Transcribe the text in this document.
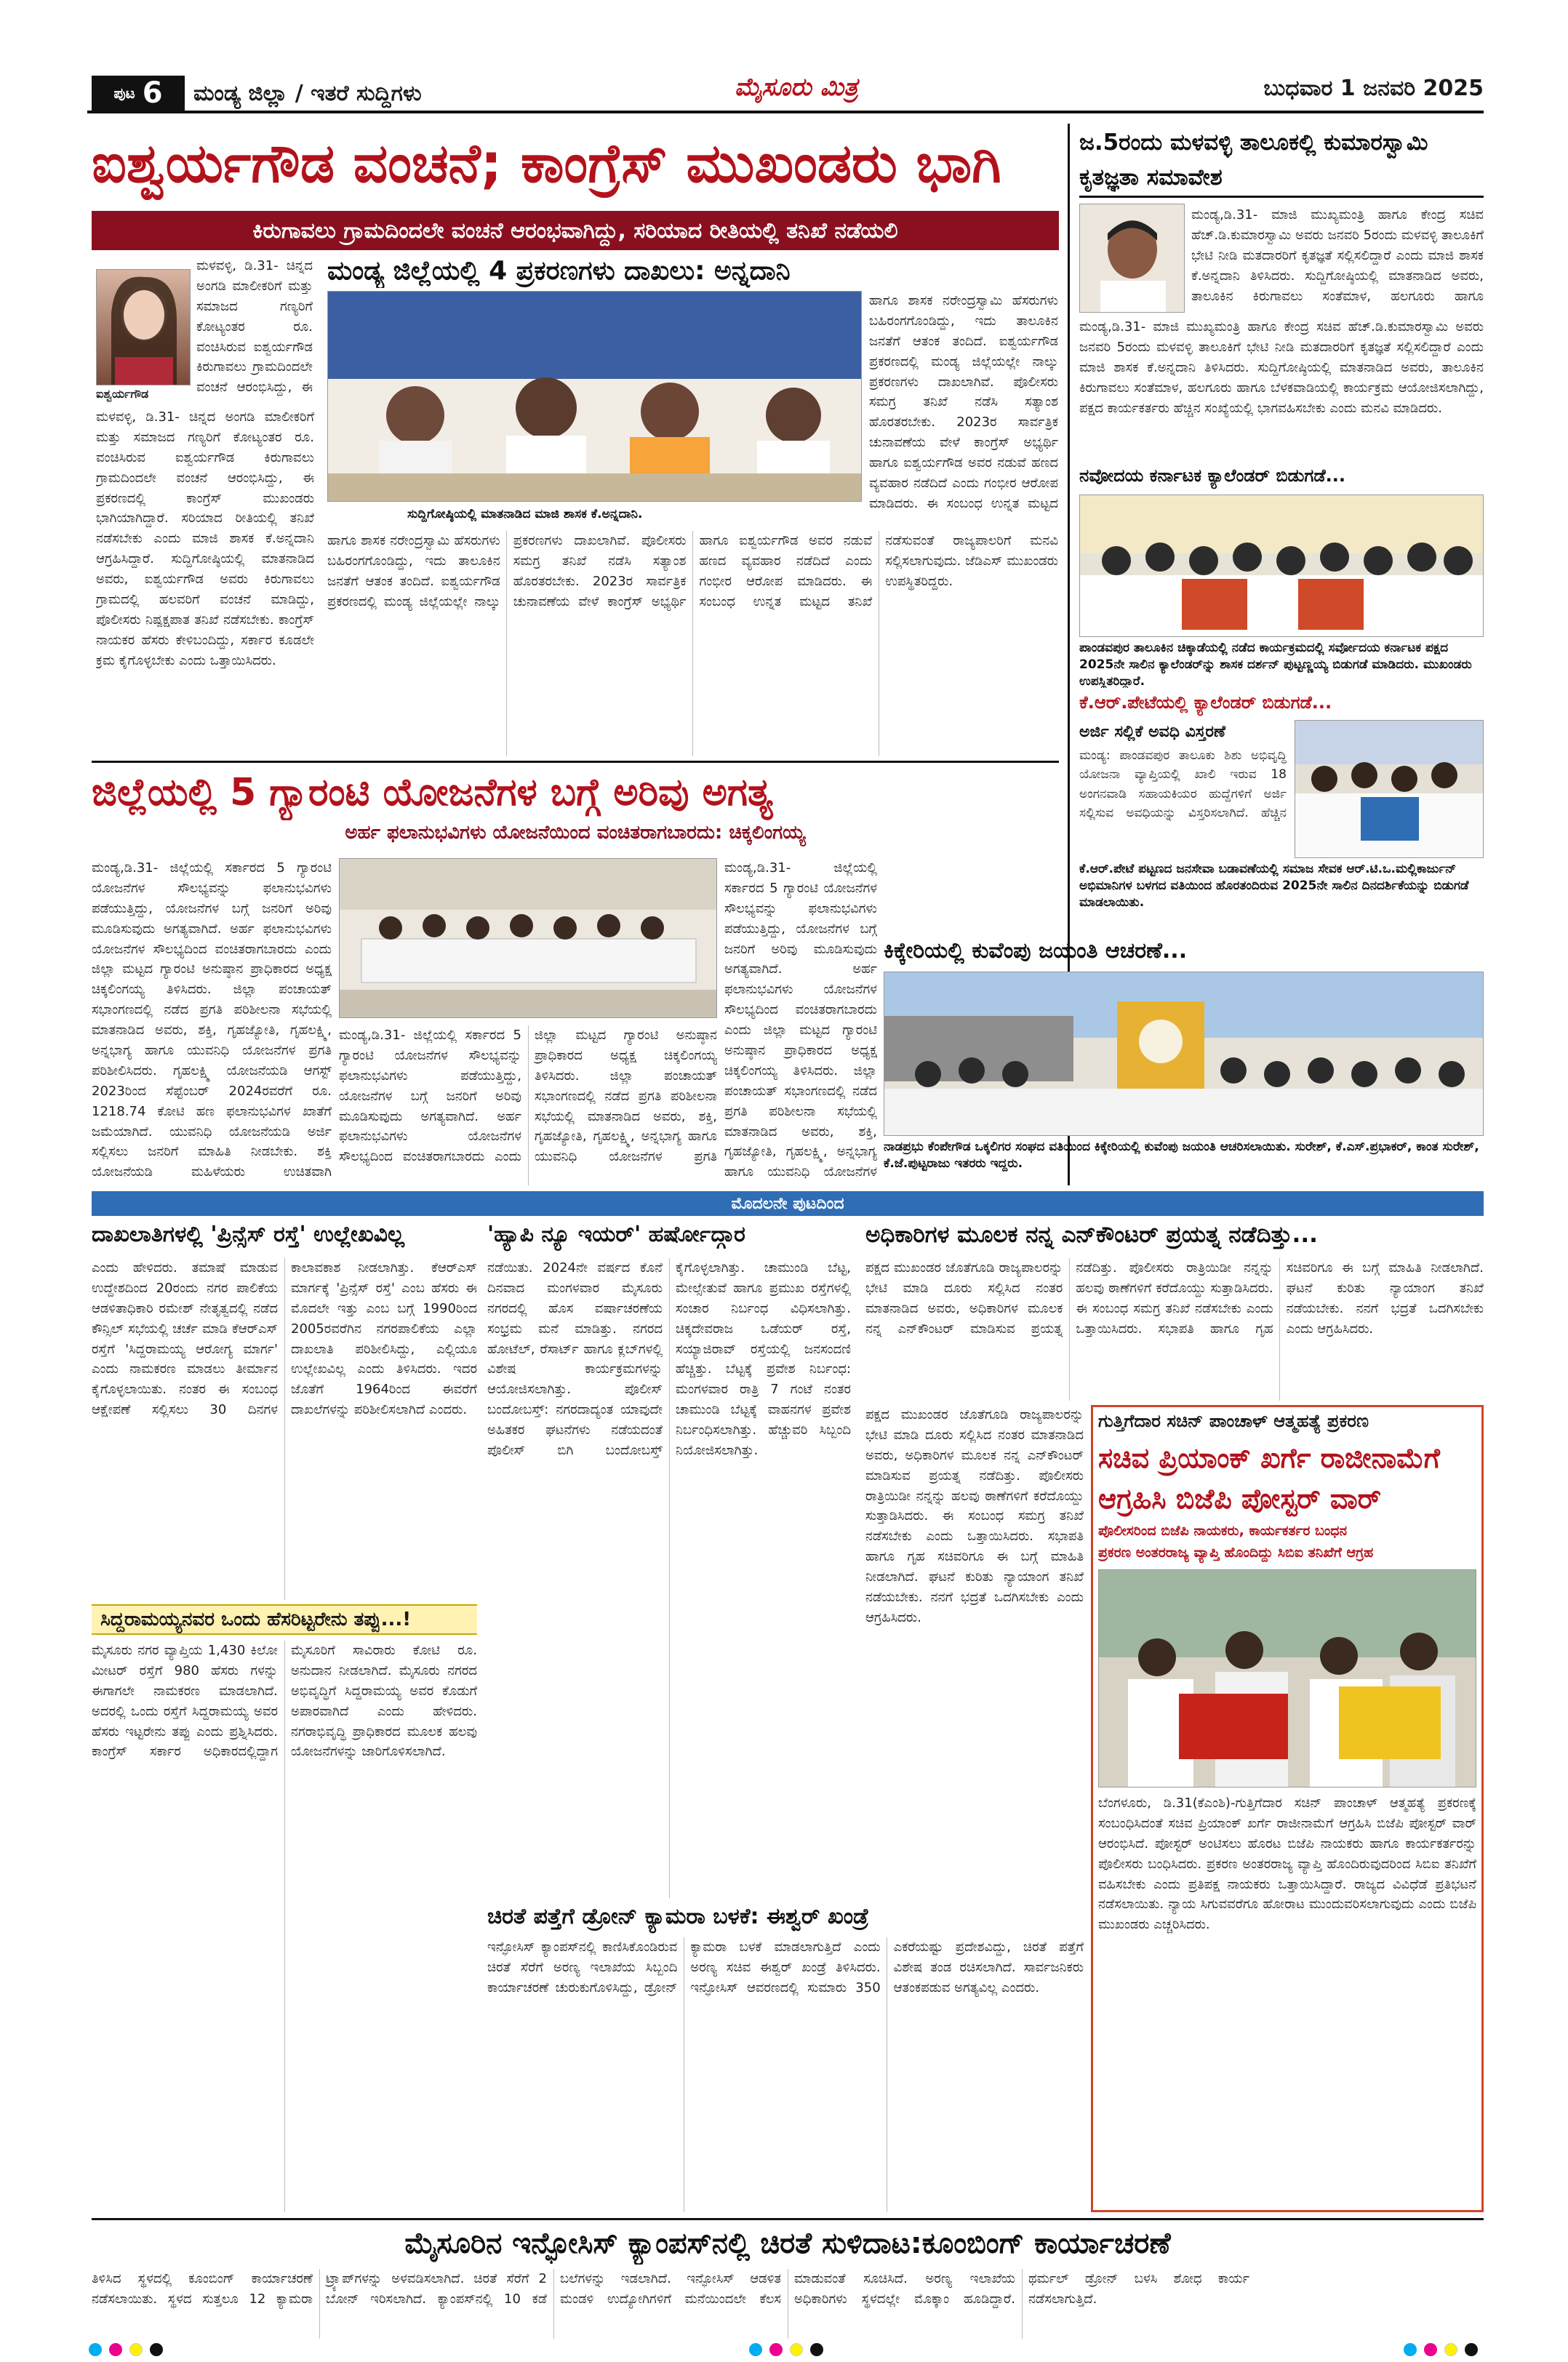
ಪುಟ 6 ಮಂಡ್ಯ ಜಿಲ್ಲಾ / ಇತರೆ ಸುದ್ದಿಗಳು	ಮೈಸೂರು ಮಿತ್ರ	ಬುಧವಾರ 1 ಜನವರಿ 2025
ಐಶ್ವರ್ಯಗೌಡ ವಂಚನೆ; ಕಾಂಗ್ರೆಸ್ ಮುಖಂಡರು ಭಾಗಿ
ಕಿರುಗಾವಲು ಗ್ರಾಮದಿಂದಲೇ ವಂಚನೆ ಆರಂಭವಾಗಿದ್ದು, ಸರಿಯಾದ ರೀತಿಯಲ್ಲಿ ತನಿಖೆ ನಡೆಯಲಿ
ಐಶ್ವರ್ಯಗೌಡ
ಮಳವಳ್ಳಿ, ಡಿ.31- ಚಿನ್ನದ ಅಂಗಡಿ ಮಾಲೀಕರಿಗೆ ಮತ್ತು ಸಮಾಜದ ಗಣ್ಯರಿಗೆ ಕೋಟ್ಯಂತರ ರೂ. ವಂಚಿಸಿರುವ ಐಶ್ವರ್ಯಗೌಡ ಕಿರುಗಾವಲು ಗ್ರಾಮದಿಂದಲೇ ವಂಚನೆ ಆರಂಭಿಸಿದ್ದು, ಈ
ಮಳವಳ್ಳಿ, ಡಿ.31- ಚಿನ್ನದ ಅಂಗಡಿ ಮಾಲೀಕರಿಗೆ ಮತ್ತು ಸಮಾಜದ ಗಣ್ಯರಿಗೆ ಕೋಟ್ಯಂತರ ರೂ. ವಂಚಿಸಿರುವ ಐಶ್ವರ್ಯಗೌಡ ಕಿರುಗಾವಲು ಗ್ರಾಮದಿಂದಲೇ ವಂಚನೆ ಆರಂಭಿಸಿದ್ದು, ಈ ಪ್ರಕರಣದಲ್ಲಿ ಕಾಂಗ್ರೆಸ್ ಮುಖಂಡರು ಭಾಗಿಯಾಗಿದ್ದಾರೆ. ಸರಿಯಾದ ರೀತಿಯಲ್ಲಿ ತನಿಖೆ ನಡೆಸಬೇಕು ಎಂದು ಮಾಜಿ ಶಾಸಕ ಕೆ.ಅನ್ನದಾನಿ ಆಗ್ರಹಿಸಿದ್ದಾರೆ. ಸುದ್ದಿಗೋಷ್ಠಿಯಲ್ಲಿ ಮಾತನಾಡಿದ ಅವರು, ಐಶ್ವರ್ಯಗೌಡ ಅವರು ಕಿರುಗಾವಲು ಗ್ರಾಮದಲ್ಲಿ ಹಲವರಿಗೆ ವಂಚನೆ ಮಾಡಿದ್ದು, ಪೊಲೀಸರು ನಿಷ್ಪಕ್ಷಪಾತ ತನಿಖೆ ನಡೆಸಬೇಕು. ಕಾಂಗ್ರೆಸ್ ನಾಯಕರ ಹೆಸರು ಕೇಳಿಬಂದಿದ್ದು, ಸರ್ಕಾರ ಕೂಡಲೇ ಕ್ರಮ ಕೈಗೊಳ್ಳಬೇಕು ಎಂದು ಒತ್ತಾಯಿಸಿದರು.
ಮಂಡ್ಯ ಜಿಲ್ಲೆಯಲ್ಲಿ 4 ಪ್ರಕರಣಗಳು ದಾಖಲು: ಅನ್ನದಾನಿ
ಸುದ್ದಿಗೋಷ್ಠಿಯಲ್ಲಿ ಮಾತನಾಡಿದ ಮಾಜಿ ಶಾಸಕ ಕೆ.ಅನ್ನದಾನಿ.
ಹಾಗೂ ಶಾಸಕ ನರೇಂದ್ರಸ್ವಾಮಿ ಹೆಸರುಗಳು ಬಹಿರಂಗಗೊಂಡಿದ್ದು, ಇದು ತಾಲೂಕಿನ ಜನತೆಗೆ ಆತಂಕ ತಂದಿದೆ. ಐಶ್ವರ್ಯಗೌಡ ಪ್ರಕರಣದಲ್ಲಿ ಮಂಡ್ಯ ಜಿಲ್ಲೆಯಲ್ಲೇ ನಾಲ್ಕು ಪ್ರಕರಣಗಳು ದಾಖಲಾಗಿವೆ. ಪೊಲೀಸರು ಸಮಗ್ರ ತನಿಖೆ ನಡೆಸಿ ಸತ್ಯಾಂಶ ಹೊರತರಬೇಕು. 2023ರ ಸಾರ್ವತ್ರಿಕ ಚುನಾವಣೆಯ ವೇಳೆ ಕಾಂಗ್ರೆಸ್ ಅಭ್ಯರ್ಥಿ ಹಾಗೂ ಐಶ್ವರ್ಯಗೌಡ ಅವರ ನಡುವೆ ಹಣದ ವ್ಯವಹಾರ ನಡೆದಿದೆ ಎಂದು ಗಂಭೀರ ಆರೋಪ ಮಾಡಿದರು. ಈ ಸಂಬಂಧ ಉನ್ನತ ಮಟ್ಟದ
ಹಾಗೂ ಶಾಸಕ ನರೇಂದ್ರಸ್ವಾಮಿ ಹೆಸರುಗಳು ಬಹಿರಂಗಗೊಂಡಿದ್ದು, ಇದು ತಾಲೂಕಿನ ಜನತೆಗೆ ಆತಂಕ ತಂದಿದೆ. ಐಶ್ವರ್ಯಗೌಡ ಪ್ರಕರಣದಲ್ಲಿ ಮಂಡ್ಯ ಜಿಲ್ಲೆಯಲ್ಲೇ ನಾಲ್ಕು ಪ್ರಕರಣಗಳು ದಾಖಲಾಗಿವೆ. ಪೊಲೀಸರು ಸಮಗ್ರ ತನಿಖೆ ನಡೆಸಿ ಸತ್ಯಾಂಶ ಹೊರತರಬೇಕು. 2023ರ ಸಾರ್ವತ್ರಿಕ ಚುನಾವಣೆಯ ವೇಳೆ ಕಾಂಗ್ರೆಸ್ ಅಭ್ಯರ್ಥಿ ಹಾಗೂ ಐಶ್ವರ್ಯಗೌಡ ಅವರ ನಡುವೆ ಹಣದ ವ್ಯವಹಾರ ನಡೆದಿದೆ ಎಂದು ಗಂಭೀರ ಆರೋಪ ಮಾಡಿದರು. ಈ ಸಂಬಂಧ ಉನ್ನತ ಮಟ್ಟದ ತನಿಖೆ ನಡೆಸುವಂತೆ ರಾಜ್ಯಪಾಲರಿಗೆ ಮನವಿ ಸಲ್ಲಿಸಲಾಗುವುದು. ಜೆಡಿಎಸ್ ಮುಖಂಡರು ಉಪಸ್ಥಿತರಿದ್ದರು.
ಜ.5ರಂದು ಮಳವಳ್ಳಿ ತಾಲೂಕಲ್ಲಿ ಕುಮಾರಸ್ವಾಮಿ ಕೃತಜ್ಞತಾ ಸಮಾವೇಶ
ಮಂಡ್ಯ,ಡಿ.31- ಮಾಜಿ ಮುಖ್ಯಮಂತ್ರಿ ಹಾಗೂ ಕೇಂದ್ರ ಸಚಿವ ಹೆಚ್.ಡಿ.ಕುಮಾರಸ್ವಾಮಿ ಅವರು ಜನವರಿ 5ರಂದು ಮಳವಳ್ಳಿ ತಾಲೂಕಿಗೆ ಭೇಟಿ ನೀಡಿ ಮತದಾರರಿಗೆ ಕೃತಜ್ಞತೆ ಸಲ್ಲಿಸಲಿದ್ದಾರೆ ಎಂದು ಮಾಜಿ ಶಾಸಕ ಕೆ.ಅನ್ನದಾನಿ ತಿಳಿಸಿದರು. ಸುದ್ದಿಗೋಷ್ಠಿಯಲ್ಲಿ ಮಾತನಾಡಿದ ಅವರು, ತಾಲೂಕಿನ ಕಿರುಗಾವಲು ಸಂತೆಮಾಳ, ಹಲಗೂರು ಹಾಗೂ
ಮಂಡ್ಯ,ಡಿ.31- ಮಾಜಿ ಮುಖ್ಯಮಂತ್ರಿ ಹಾಗೂ ಕೇಂದ್ರ ಸಚಿವ ಹೆಚ್.ಡಿ.ಕುಮಾರಸ್ವಾಮಿ ಅವರು ಜನವರಿ 5ರಂದು ಮಳವಳ್ಳಿ ತಾಲೂಕಿಗೆ ಭೇಟಿ ನೀಡಿ ಮತದಾರರಿಗೆ ಕೃತಜ್ಞತೆ ಸಲ್ಲಿಸಲಿದ್ದಾರೆ ಎಂದು ಮಾಜಿ ಶಾಸಕ ಕೆ.ಅನ್ನದಾನಿ ತಿಳಿಸಿದರು. ಸುದ್ದಿಗೋಷ್ಠಿಯಲ್ಲಿ ಮಾತನಾಡಿದ ಅವರು, ತಾಲೂಕಿನ ಕಿರುಗಾವಲು ಸಂತೆಮಾಳ, ಹಲಗೂರು ಹಾಗೂ ಬೆಳಕವಾಡಿಯಲ್ಲಿ ಕಾರ್ಯಕ್ರಮ ಆಯೋಜಿಸಲಾಗಿದ್ದು, ಪಕ್ಷದ ಕಾರ್ಯಕರ್ತರು ಹೆಚ್ಚಿನ ಸಂಖ್ಯೆಯಲ್ಲಿ ಭಾಗವಹಿಸಬೇಕು ಎಂದು ಮನವಿ ಮಾಡಿದರು.
ನವೋದಯ ಕರ್ನಾಟಕ ಕ್ಯಾಲೆಂಡರ್ ಬಿಡುಗಡೆ...
ಪಾಂಡವಪುರ ತಾಲೂಕಿನ ಚಿಕ್ಕಾಡೆಯಲ್ಲಿ ನಡೆದ ಕಾರ್ಯಕ್ರಮದಲ್ಲಿ ಸರ್ವೋದಯ ಕರ್ನಾಟಕ ಪಕ್ಷದ 2025ನೇ ಸಾಲಿನ ಕ್ಯಾಲೆಂಡರ್‌ನ್ನು ಶಾಸಕ ದರ್ಶನ್ ಪುಟ್ಟಣ್ಣಯ್ಯ ಬಿಡುಗಡೆ ಮಾಡಿದರು. ಮುಖಂಡರು ಉಪಸ್ಥಿತರಿದ್ದಾರೆ.
ಕೆ.ಆರ್.ಪೇಟೆಯಲ್ಲಿ ಕ್ಯಾಲೆಂಡರ್ ಬಿಡುಗಡೆ...
ಅರ್ಜಿ ಸಲ್ಲಿಕೆ ಅವಧಿ ವಿಸ್ತರಣೆ
ಮಂಡ್ಯ: ಪಾಂಡವಪುರ ತಾಲೂಕು ಶಿಶು ಅಭಿವೃದ್ಧಿ ಯೋಜನಾ ವ್ಯಾಪ್ತಿಯಲ್ಲಿ ಖಾಲಿ ಇರುವ 18 ಅಂಗನವಾಡಿ ಸಹಾಯಕಿಯರ ಹುದ್ದೆಗಳಿಗೆ ಅರ್ಜಿ ಸಲ್ಲಿಸುವ ಅವಧಿಯನ್ನು ವಿಸ್ತರಿಸಲಾಗಿದೆ. ಹೆಚ್ಚಿನ
ಕೆ.ಆರ್.ಪೇಟೆ ಪಟ್ಟಣದ ಜನಸೇವಾ ಬಡಾವಣೆಯಲ್ಲಿ ಸಮಾಜ ಸೇವಕ ಆರ್.ಟಿ.ಒ.ಮಲ್ಲಿಕಾರ್ಜುನ್ ಅಭಿಮಾನಿಗಳ ಬಳಗದ ವತಿಯಿಂದ ಹೊರತಂದಿರುವ 2025ನೇ ಸಾಲಿನ ದಿನದರ್ಶಿಕೆಯನ್ನು ಬಿಡುಗಡೆ ಮಾಡಲಾಯಿತು.
ಕಿಕ್ಕೇರಿಯಲ್ಲಿ ಕುವೆಂಪು ಜಯಂತಿ ಆಚರಣೆ...
ನಾಡಪ್ರಭು ಕೆಂಪೇಗೌಡ ಒಕ್ಕಲಿಗರ ಸಂಘದ ವತಿಯಿಂದ ಕಿಕ್ಕೇರಿಯಲ್ಲಿ ಕುವೆಂಪು ಜಯಂತಿ ಆಚರಿಸಲಾಯಿತು. ಸುರೇಶ್, ಕೆ.ಎಸ್.ಪ್ರಭಾಕರ್, ಕಾಂತ ಸುರೇಶ್, ಕೆ.ಜೆ.ಪುಟ್ಟರಾಜು ಇತರರು ಇದ್ದರು.
ಜಿಲ್ಲೆಯಲ್ಲಿ 5 ಗ್ಯಾರಂಟಿ ಯೋಜನೆಗಳ ಬಗ್ಗೆ ಅರಿವು ಅಗತ್ಯ
ಅರ್ಹ ಫಲಾನುಭವಿಗಳು ಯೋಜನೆಯಿಂದ ವಂಚಿತರಾಗಬಾರದು: ಚಿಕ್ಕಲಿಂಗಯ್ಯ
ಮಂಡ್ಯ,ಡಿ.31- ಜಿಲ್ಲೆಯಲ್ಲಿ ಸರ್ಕಾರದ 5 ಗ್ಯಾರಂಟಿ ಯೋಜನೆಗಳ ಸೌಲಭ್ಯವನ್ನು ಫಲಾನುಭವಿಗಳು ಪಡೆಯುತ್ತಿದ್ದು, ಯೋಜನೆಗಳ ಬಗ್ಗೆ ಜನರಿಗೆ ಅರಿವು ಮೂಡಿಸುವುದು ಅಗತ್ಯವಾಗಿದೆ. ಅರ್ಹ ಫಲಾನುಭವಿಗಳು ಯೋಜನೆಗಳ ಸೌಲಭ್ಯದಿಂದ ವಂಚಿತರಾಗಬಾರದು ಎಂದು ಜಿಲ್ಲಾ ಮಟ್ಟದ ಗ್ಯಾರಂಟಿ ಅನುಷ್ಠಾನ ಪ್ರಾಧಿಕಾರದ ಅಧ್ಯಕ್ಷ ಚಿಕ್ಕಲಿಂಗಯ್ಯ ತಿಳಿಸಿದರು. ಜಿಲ್ಲಾ ಪಂಚಾಯತ್ ಸಭಾಂಗಣದಲ್ಲಿ ನಡೆದ ಪ್ರಗತಿ ಪರಿಶೀಲನಾ ಸಭೆಯಲ್ಲಿ ಮಾತನಾಡಿದ ಅವರು, ಶಕ್ತಿ, ಗೃಹಜ್ಯೋತಿ, ಗೃಹಲಕ್ಷ್ಮಿ, ಅನ್ನಭಾಗ್ಯ ಹಾಗೂ ಯುವನಿಧಿ ಯೋಜನೆಗಳ ಪ್ರಗತಿ ಪರಿಶೀಲಿಸಿದರು. ಗೃಹಲಕ್ಷ್ಮಿ ಯೋಜನೆಯಡಿ ಆಗಸ್ಟ್ 2023ರಿಂದ ಸೆಪ್ಟೆಂಬರ್ 2024ರವರೆಗೆ ರೂ. 1218.74 ಕೋಟಿ ಹಣ ಫಲಾನುಭವಿಗಳ ಖಾತೆಗೆ ಜಮೆಯಾಗಿದೆ. ಯುವನಿಧಿ ಯೋಜನೆಯಡಿ ಅರ್ಜಿ ಸಲ್ಲಿಸಲು ಜನರಿಗೆ ಮಾಹಿತಿ ನೀಡಬೇಕು. ಶಕ್ತಿ ಯೋಜನೆಯಡಿ ಮಹಿಳೆಯರು ಉಚಿತವಾಗಿ
ಮಂಡ್ಯ,ಡಿ.31- ಜಿಲ್ಲೆಯಲ್ಲಿ ಸರ್ಕಾರದ 5 ಗ್ಯಾರಂಟಿ ಯೋಜನೆಗಳ ಸೌಲಭ್ಯವನ್ನು ಫಲಾನುಭವಿಗಳು ಪಡೆಯುತ್ತಿದ್ದು, ಯೋಜನೆಗಳ ಬಗ್ಗೆ ಜನರಿಗೆ ಅರಿವು ಮೂಡಿಸುವುದು ಅಗತ್ಯವಾಗಿದೆ. ಅರ್ಹ ಫಲಾನುಭವಿಗಳು ಯೋಜನೆಗಳ ಸೌಲಭ್ಯದಿಂದ ವಂಚಿತರಾಗಬಾರದು ಎಂದು ಜಿಲ್ಲಾ ಮಟ್ಟದ ಗ್ಯಾರಂಟಿ ಅನುಷ್ಠಾನ ಪ್ರಾಧಿಕಾರದ ಅಧ್ಯಕ್ಷ ಚಿಕ್ಕಲಿಂಗಯ್ಯ ತಿಳಿಸಿದರು. ಜಿಲ್ಲಾ ಪಂಚಾಯತ್ ಸಭಾಂಗಣದಲ್ಲಿ ನಡೆದ ಪ್ರಗತಿ ಪರಿಶೀಲನಾ ಸಭೆಯಲ್ಲಿ ಮಾತನಾಡಿದ ಅವರು, ಶಕ್ತಿ, ಗೃಹಜ್ಯೋತಿ, ಗೃಹಲಕ್ಷ್ಮಿ, ಅನ್ನಭಾಗ್ಯ ಹಾಗೂ ಯುವನಿಧಿ ಯೋಜನೆಗಳ ಪ್ರಗತಿ
ಮಂಡ್ಯ,ಡಿ.31- ಜಿಲ್ಲೆಯಲ್ಲಿ ಸರ್ಕಾರದ 5 ಗ್ಯಾರಂಟಿ ಯೋಜನೆಗಳ ಸೌಲಭ್ಯವನ್ನು ಫಲಾನುಭವಿಗಳು ಪಡೆಯುತ್ತಿದ್ದು, ಯೋಜನೆಗಳ ಬಗ್ಗೆ ಜನರಿಗೆ ಅರಿವು ಮೂಡಿಸುವುದು ಅಗತ್ಯವಾಗಿದೆ. ಅರ್ಹ ಫಲಾನುಭವಿಗಳು ಯೋಜನೆಗಳ ಸೌಲಭ್ಯದಿಂದ ವಂಚಿತರಾಗಬಾರದು ಎಂದು ಜಿಲ್ಲಾ ಮಟ್ಟದ ಗ್ಯಾರಂಟಿ ಅನುಷ್ಠಾನ ಪ್ರಾಧಿಕಾರದ ಅಧ್ಯಕ್ಷ ಚಿಕ್ಕಲಿಂಗಯ್ಯ ತಿಳಿಸಿದರು. ಜಿಲ್ಲಾ ಪಂಚಾಯತ್ ಸಭಾಂಗಣದಲ್ಲಿ ನಡೆದ ಪ್ರಗತಿ ಪರಿಶೀಲನಾ ಸಭೆಯಲ್ಲಿ ಮಾತನಾಡಿದ ಅವರು, ಶಕ್ತಿ, ಗೃಹಜ್ಯೋತಿ, ಗೃಹಲಕ್ಷ್ಮಿ, ಅನ್ನಭಾಗ್ಯ ಹಾಗೂ ಯುವನಿಧಿ ಯೋಜನೆಗಳ
ಮೊದಲನೇ ಪುಟದಿಂದ
ದಾಖಲಾತಿಗಳಲ್ಲಿ 'ಪ್ರಿನ್ಸೆಸ್ ರಸ್ತೆ' ಉಲ್ಲೇಖವಿಲ್ಲ
ಎಂದು ಹೇಳಿದರು. ತಮಾಷೆ ಮಾಡುವ ಉದ್ದೇಶದಿಂದ 20ರಂದು ನಗರ ಪಾಲಿಕೆಯ ಆಡಳಿತಾಧಿಕಾರಿ ರಮೇಶ್ ನೇತೃತ್ವದಲ್ಲಿ ನಡೆದ ಕೌನ್ಸಿಲ್ ಸಭೆಯಲ್ಲಿ ಚರ್ಚೆ ಮಾಡಿ ಕೆಆರ್‌ಎಸ್ ರಸ್ತೆಗೆ 'ಸಿದ್ದರಾಮಯ್ಯ ಆರೋಗ್ಯ ಮಾರ್ಗ' ಎಂದು ನಾಮಕರಣ ಮಾಡಲು ತೀರ್ಮಾನ ಕೈಗೊಳ್ಳಲಾಯಿತು. ನಂತರ ಈ ಸಂಬಂಧ ಆಕ್ಷೇಪಣೆ ಸಲ್ಲಿಸಲು 30 ದಿನಗಳ ಕಾಲಾವಕಾಶ ನೀಡಲಾಗಿತ್ತು. ಕೆಆರ್‌ಎಸ್ ಮಾರ್ಗಕ್ಕೆ 'ಪ್ರಿನ್ಸೆಸ್ ರಸ್ತೆ' ಎಂಬ ಹೆಸರು ಈ ಮೊದಲೇ ಇತ್ತು ಎಂಬ ಬಗ್ಗೆ 1990ರಿಂದ 2005ರವರೆಗಿನ ನಗರಪಾಲಿಕೆಯ ಎಲ್ಲಾ ದಾಖಲಾತಿ ಪರಿಶೀಲಿಸಿದ್ದು, ಎಲ್ಲಿಯೂ ಉಲ್ಲೇಖವಿಲ್ಲ ಎಂದು ತಿಳಿಸಿದರು. ಇದರ ಜೊತೆಗೆ 1964ರಿಂದ ಈವರೆಗೆ ದಾಖಲೆಗಳನ್ನು ಪರಿಶೀಲಿಸಲಾಗಿದೆ ಎಂದರು.
ಸಿದ್ದರಾಮಯ್ಯನವರ ಒಂದು ಹೆಸರಿಟ್ಟರೇನು ತಪ್ಪು...!
ಮೈಸೂರು ನಗರ ವ್ಯಾಪ್ತಿಯ 1,430 ಕಿಲೋ ಮೀಟರ್ ರಸ್ತೆಗೆ 980 ಹೆಸರು ಗಳನ್ನು ಈಗಾಗಲೇ ನಾಮಕರಣ ಮಾಡಲಾಗಿದೆ. ಅದರಲ್ಲಿ ಒಂದು ರಸ್ತೆಗೆ ಸಿದ್ದರಾಮಯ್ಯ ಅವರ ಹೆಸರು ಇಟ್ಟರೇನು ತಪ್ಪು ಎಂದು ಪ್ರಶ್ನಿಸಿದರು. ಕಾಂಗ್ರೆಸ್ ಸರ್ಕಾರ ಅಧಿಕಾರದಲ್ಲಿದ್ದಾಗ ಮೈಸೂರಿಗೆ ಸಾವಿರಾರು ಕೋಟಿ ರೂ. ಅನುದಾನ ನೀಡಲಾಗಿದೆ. ಮೈಸೂರು ನಗರದ ಅಭಿವೃದ್ಧಿಗೆ ಸಿದ್ದರಾಮಯ್ಯ ಅವರ ಕೊಡುಗೆ ಅಪಾರವಾಗಿದೆ ಎಂದು ಹೇಳಿದರು. ನಗರಾಭಿವೃದ್ಧಿ ಪ್ರಾಧಿಕಾರದ ಮೂಲಕ ಹಲವು ಯೋಜನೆಗಳನ್ನು ಜಾರಿಗೊಳಿಸಲಾಗಿದೆ.
'ಹ್ಯಾಪಿ ನ್ಯೂ ಇಯರ್' ಹರ್ಷೋದ್ಗಾರ
ನಡೆಯಿತು. 2024ನೇ ವರ್ಷದ ಕೊನೆ ದಿನವಾದ ಮಂಗಳವಾರ ಮೈಸೂರು ನಗರದಲ್ಲಿ ಹೊಸ ವರ್ಷಾಚರಣೆಯ ಸಂಭ್ರಮ ಮನೆ ಮಾಡಿತ್ತು. ನಗರದ ಹೋಟೆಲ್, ರೆಸಾರ್ಟ್ ಹಾಗೂ ಕ್ಲಬ್‌ಗಳಲ್ಲಿ ವಿಶೇಷ ಕಾರ್ಯಕ್ರಮಗಳನ್ನು ಆಯೋಜಿಸಲಾಗಿತ್ತು. ಪೊಲೀಸ್ ಬಂದೋಬಸ್ತ್: ನಗರದಾದ್ಯಂತ ಯಾವುದೇ ಅಹಿತಕರ ಘಟನೆಗಳು ನಡೆಯದಂತೆ ಪೊಲೀಸ್ ಬಿಗಿ ಬಂದೋಬಸ್ತ್ ಕೈಗೊಳ್ಳಲಾಗಿತ್ತು. ಚಾಮುಂಡಿ ಬೆಟ್ಟ, ಮೇಲ್ಸೇತುವೆ ಹಾಗೂ ಪ್ರಮುಖ ರಸ್ತೆಗಳಲ್ಲಿ ಸಂಚಾರ ನಿರ್ಬಂಧ ವಿಧಿಸಲಾಗಿತ್ತು. ಚಿಕ್ಕದೇವರಾಜ ಒಡೆಯರ್ ರಸ್ತೆ, ಸಯ್ಯಾಜಿರಾವ್ ರಸ್ತೆಯಲ್ಲಿ ಜನಸಂದಣಿ ಹೆಚ್ಚಿತ್ತು. ಬೆಟ್ಟಕ್ಕೆ ಪ್ರವೇಶ ನಿರ್ಬಂಧ: ಮಂಗಳವಾರ ರಾತ್ರಿ 7 ಗಂಟೆ ನಂತರ ಚಾಮುಂಡಿ ಬೆಟ್ಟಕ್ಕೆ ವಾಹನಗಳ ಪ್ರವೇಶ ನಿರ್ಬಂಧಿಸಲಾಗಿತ್ತು. ಹೆಚ್ಚುವರಿ ಸಿಬ್ಬಂದಿ ನಿಯೋಜಿಸಲಾಗಿತ್ತು.
ಅಧಿಕಾರಿಗಳ ಮೂಲಕ ನನ್ನ ಎನ್‌ಕೌಂಟರ್ ಪ್ರಯತ್ನ ನಡೆದಿತ್ತು...
ಪಕ್ಷದ ಮುಖಂಡರ ಜೊತೆಗೂಡಿ ರಾಜ್ಯಪಾಲರನ್ನು ಭೇಟಿ ಮಾಡಿ ದೂರು ಸಲ್ಲಿಸಿದ ನಂತರ ಮಾತನಾಡಿದ ಅವರು, ಅಧಿಕಾರಿಗಳ ಮೂಲಕ ನನ್ನ ಎನ್‌ಕೌಂಟರ್ ಮಾಡಿಸುವ ಪ್ರಯತ್ನ ನಡೆದಿತ್ತು. ಪೊಲೀಸರು ರಾತ್ರಿಯಿಡೀ ನನ್ನನ್ನು ಹಲವು ಠಾಣೆಗಳಿಗೆ ಕರೆದೊಯ್ದು ಸುತ್ತಾಡಿಸಿದರು. ಈ ಸಂಬಂಧ ಸಮಗ್ರ ತನಿಖೆ ನಡೆಸಬೇಕು ಎಂದು ಒತ್ತಾಯಿಸಿದರು. ಸಭಾಪತಿ ಹಾಗೂ ಗೃಹ ಸಚಿವರಿಗೂ ಈ ಬಗ್ಗೆ ಮಾಹಿತಿ ನೀಡಲಾಗಿದೆ. ಘಟನೆ ಕುರಿತು ನ್ಯಾಯಾಂಗ ತನಿಖೆ ನಡೆಯಬೇಕು. ನನಗೆ ಭದ್ರತೆ ಒದಗಿಸಬೇಕು ಎಂದು ಆಗ್ರಹಿಸಿದರು.
ಪಕ್ಷದ ಮುಖಂಡರ ಜೊತೆಗೂಡಿ ರಾಜ್ಯಪಾಲರನ್ನು ಭೇಟಿ ಮಾಡಿ ದೂರು ಸಲ್ಲಿಸಿದ ನಂತರ ಮಾತನಾಡಿದ ಅವರು, ಅಧಿಕಾರಿಗಳ ಮೂಲಕ ನನ್ನ ಎನ್‌ಕೌಂಟರ್ ಮಾಡಿಸುವ ಪ್ರಯತ್ನ ನಡೆದಿತ್ತು. ಪೊಲೀಸರು ರಾತ್ರಿಯಿಡೀ ನನ್ನನ್ನು ಹಲವು ಠಾಣೆಗಳಿಗೆ ಕರೆದೊಯ್ದು ಸುತ್ತಾಡಿಸಿದರು. ಈ ಸಂಬಂಧ ಸಮಗ್ರ ತನಿಖೆ ನಡೆಸಬೇಕು ಎಂದು ಒತ್ತಾಯಿಸಿದರು. ಸಭಾಪತಿ ಹಾಗೂ ಗೃಹ ಸಚಿವರಿಗೂ ಈ ಬಗ್ಗೆ ಮಾಹಿತಿ ನೀಡಲಾಗಿದೆ. ಘಟನೆ ಕುರಿತು ನ್ಯಾಯಾಂಗ ತನಿಖೆ ನಡೆಯಬೇಕು. ನನಗೆ ಭದ್ರತೆ ಒದಗಿಸಬೇಕು ಎಂದು ಆಗ್ರಹಿಸಿದರು.
ಗುತ್ತಿಗೆದಾರ ಸಚಿನ್ ಪಾಂಚಾಳ್ ಆತ್ಮಹತ್ಯೆ ಪ್ರಕರಣ
ಸಚಿವ ಪ್ರಿಯಾಂಕ್ ಖರ್ಗೆ ರಾಜೀನಾಮೆಗೆ
ಆಗ್ರಹಿಸಿ ಬಿಜೆಪಿ ಪೋಸ್ಟರ್ ವಾರ್
ಪೊಲೀಸರಿಂದ ಬಿಜೆಪಿ ನಾಯಕರು, ಕಾರ್ಯಕರ್ತರ ಬಂಧನ
ಪ್ರಕರಣ ಅಂತರರಾಜ್ಯ ವ್ಯಾಪ್ತಿ ಹೊಂದಿದ್ದು ಸಿಬಿಐ ತನಿಖೆಗೆ ಆಗ್ರಹ
ಬೆಂಗಳೂರು, ಡಿ.31(ಕೆಎಂಶಿ)-ಗುತ್ತಿಗೆದಾರ ಸಚಿನ್ ಪಾಂಚಾಳ್ ಆತ್ಮಹತ್ಯೆ ಪ್ರಕರಣಕ್ಕೆ ಸಂಬಂಧಿಸಿದಂತೆ ಸಚಿವ ಪ್ರಿಯಾಂಕ್ ಖರ್ಗೆ ರಾಜೀನಾಮೆಗೆ ಆಗ್ರಹಿಸಿ ಬಿಜೆಪಿ ಪೋಸ್ಟರ್ ವಾರ್ ಆರಂಭಿಸಿದೆ. ಪೋಸ್ಟರ್ ಅಂಟಿಸಲು ಹೊರಟ ಬಿಜೆಪಿ ನಾಯಕರು ಹಾಗೂ ಕಾರ್ಯಕರ್ತರನ್ನು ಪೊಲೀಸರು ಬಂಧಿಸಿದರು. ಪ್ರಕರಣ ಅಂತರರಾಜ್ಯ ವ್ಯಾಪ್ತಿ ಹೊಂದಿರುವುದರಿಂದ ಸಿಬಿಐ ತನಿಖೆಗೆ ವಹಿಸಬೇಕು ಎಂದು ಪ್ರತಿಪಕ್ಷ ನಾಯಕರು ಒತ್ತಾಯಿಸಿದ್ದಾರೆ. ರಾಜ್ಯದ ವಿವಿಧೆಡೆ ಪ್ರತಿಭಟನೆ ನಡೆಸಲಾಯಿತು. ನ್ಯಾಯ ಸಿಗುವವರೆಗೂ ಹೋರಾಟ ಮುಂದುವರಿಸಲಾಗುವುದು ಎಂದು ಬಿಜೆಪಿ ಮುಖಂಡರು ಎಚ್ಚರಿಸಿದರು.
ಚಿರತೆ ಪತ್ತೆಗೆ ಡ್ರೋನ್ ಕ್ಯಾಮರಾ ಬಳಕೆ: ಈಶ್ವರ್ ಖಂಡ್ರೆ
ಇನ್ಫೋಸಿಸ್ ಕ್ಯಾಂಪಸ್‌ನಲ್ಲಿ ಕಾಣಿಸಿಕೊಂಡಿರುವ ಚಿರತೆ ಸೆರೆಗೆ ಅರಣ್ಯ ಇಲಾಖೆಯ ಸಿಬ್ಬಂದಿ ಕಾರ್ಯಾಚರಣೆ ಚುರುಕುಗೊಳಿಸಿದ್ದು, ಡ್ರೋನ್ ಕ್ಯಾಮರಾ ಬಳಕೆ ಮಾಡಲಾಗುತ್ತಿದೆ ಎಂದು ಅರಣ್ಯ ಸಚಿವ ಈಶ್ವರ್ ಖಂಡ್ರೆ ತಿಳಿಸಿದರು. ಇನ್ಫೋಸಿಸ್ ಆವರಣದಲ್ಲಿ ಸುಮಾರು 350 ಎಕರೆಯಷ್ಟು ಪ್ರದೇಶವಿದ್ದು, ಚಿರತೆ ಪತ್ತೆಗೆ ವಿಶೇಷ ತಂಡ ರಚಿಸಲಾಗಿದೆ. ಸಾರ್ವಜನಿಕರು ಆತಂಕಪಡುವ ಅಗತ್ಯವಿಲ್ಲ ಎಂದರು.
ಮೈಸೂರಿನ ಇನ್ಫೋಸಿಸ್ ಕ್ಯಾಂಪಸ್‌ನಲ್ಲಿ ಚಿರತೆ ಸುಳಿದಾಟ:ಕೂಂಬಿಂಗ್ ಕಾರ್ಯಾಚರಣೆ
ತಿಳಿಸಿದ ಸ್ಥಳದಲ್ಲಿ ಕೂಂಬಿಂಗ್ ಕಾರ್ಯಾಚರಣೆ ನಡೆಸಲಾಯಿತು. ಸ್ಥಳದ ಸುತ್ತಲೂ 12 ಕ್ಯಾಮರಾ ಟ್ರ್ಯಾಪ್‌ಗಳನ್ನು ಅಳವಡಿಸಲಾಗಿದೆ. ಚಿರತೆ ಸೆರೆಗೆ 2 ಬೋನ್ ಇರಿಸಲಾಗಿದೆ. ಕ್ಯಾಂಪಸ್‌ನಲ್ಲಿ 10 ಕಡೆ ಬಲೆಗಳನ್ನು ಇಡಲಾಗಿದೆ. ಇನ್ಫೋಸಿಸ್ ಆಡಳಿತ ಮಂಡಳಿ ಉದ್ಯೋಗಿಗಳಿಗೆ ಮನೆಯಿಂದಲೇ ಕೆಲಸ ಮಾಡುವಂತೆ ಸೂಚಿಸಿದೆ. ಅರಣ್ಯ ಇಲಾಖೆಯ ಅಧಿಕಾರಿಗಳು ಸ್ಥಳದಲ್ಲೇ ಮೊಕ್ಕಾಂ ಹೂಡಿದ್ದಾರೆ. ಥರ್ಮಲ್ ಡ್ರೋನ್ ಬಳಸಿ ಶೋಧ ಕಾರ್ಯ ನಡೆಸಲಾಗುತ್ತಿದೆ.
